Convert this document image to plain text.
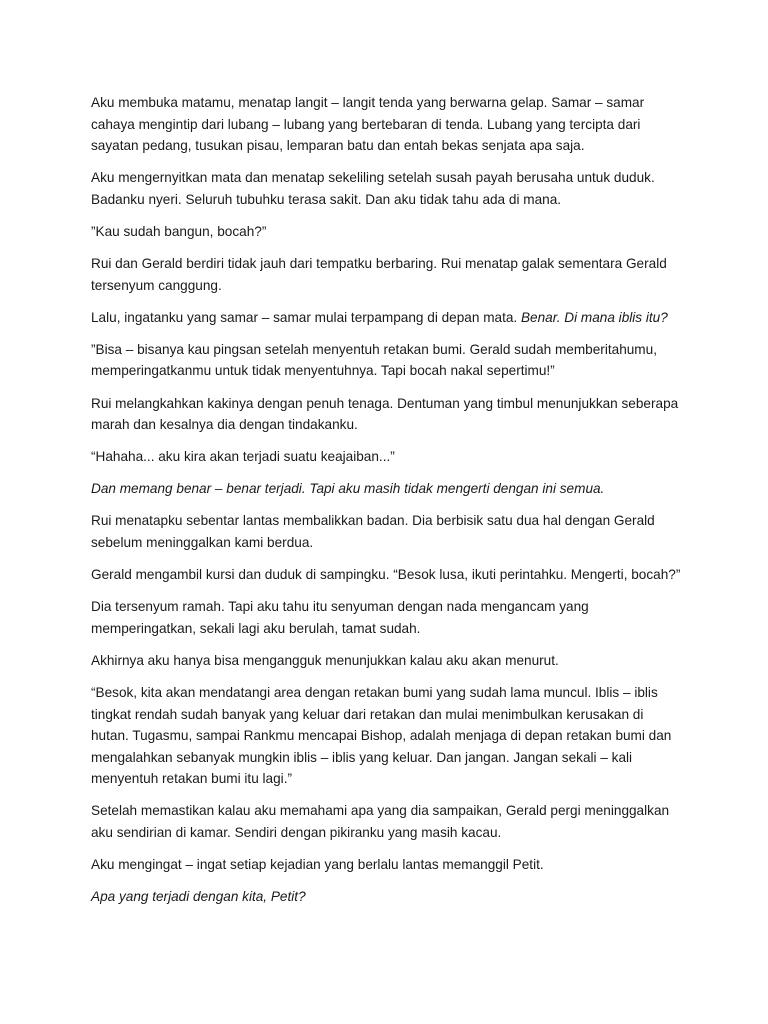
Aku membuka matamu, menatap langit – langit tenda yang berwarna gelap. Samar – samar cahaya mengintip dari lubang – lubang yang bertebaran di tenda. Lubang yang tercipta dari sayatan pedang, tusukan pisau, lemparan batu dan entah bekas senjata apa saja.

Aku mengernyitkan mata dan menatap sekeliling setelah susah payah berusaha untuk duduk. Badanku nyeri. Seluruh tubuhku terasa sakit. Dan aku tidak tahu ada di mana.

”Kau sudah bangun, bocah?”

Rui dan Gerald berdiri tidak jauh dari tempatku berbaring. Rui menatap galak sementara Gerald tersenyum canggung.

Lalu, ingatanku yang samar – samar mulai terpampang di depan mata. Benar. Di mana iblis itu?

”Bisa – bisanya kau pingsan setelah menyentuh retakan bumi. Gerald sudah memberitahumu, memperingatkanmu untuk tidak menyentuhnya. Tapi bocah nakal sepertimu!”

Rui melangkahkan kakinya dengan penuh tenaga. Dentuman yang timbul menunjukkan seberapa marah dan kesalnya dia dengan tindakanku.

“Hahaha... aku kira akan terjadi suatu keajaiban...”

Dan memang benar – benar terjadi. Tapi aku masih tidak mengerti dengan ini semua.

Rui menatapku sebentar lantas membalikkan badan. Dia berbisik satu dua hal dengan Gerald sebelum meninggalkan kami berdua.

Gerald mengambil kursi dan duduk di sampingku. “Besok lusa, ikuti perintahku. Mengerti, bocah?”

Dia tersenyum ramah. Tapi aku tahu itu senyuman dengan nada mengancam yang memperingatkan, sekali lagi aku berulah, tamat sudah.

Akhirnya aku hanya bisa mengangguk menunjukkan kalau aku akan menurut.

“Besok, kita akan mendatangi area dengan retakan bumi yang sudah lama muncul. Iblis – iblis tingkat rendah sudah banyak yang keluar dari retakan dan mulai menimbulkan kerusakan di hutan. Tugasmu, sampai Rankmu mencapai Bishop, adalah menjaga di depan retakan bumi dan mengalahkan sebanyak mungkin iblis – iblis yang keluar. Dan jangan. Jangan sekali – kali menyentuh retakan bumi itu lagi.”

Setelah memastikan kalau aku memahami apa yang dia sampaikan, Gerald pergi meninggalkan aku sendirian di kamar. Sendiri dengan pikiranku yang masih kacau.

Aku mengingat – ingat setiap kejadian yang berlalu lantas memanggil Petit.

Apa yang terjadi dengan kita, Petit?
